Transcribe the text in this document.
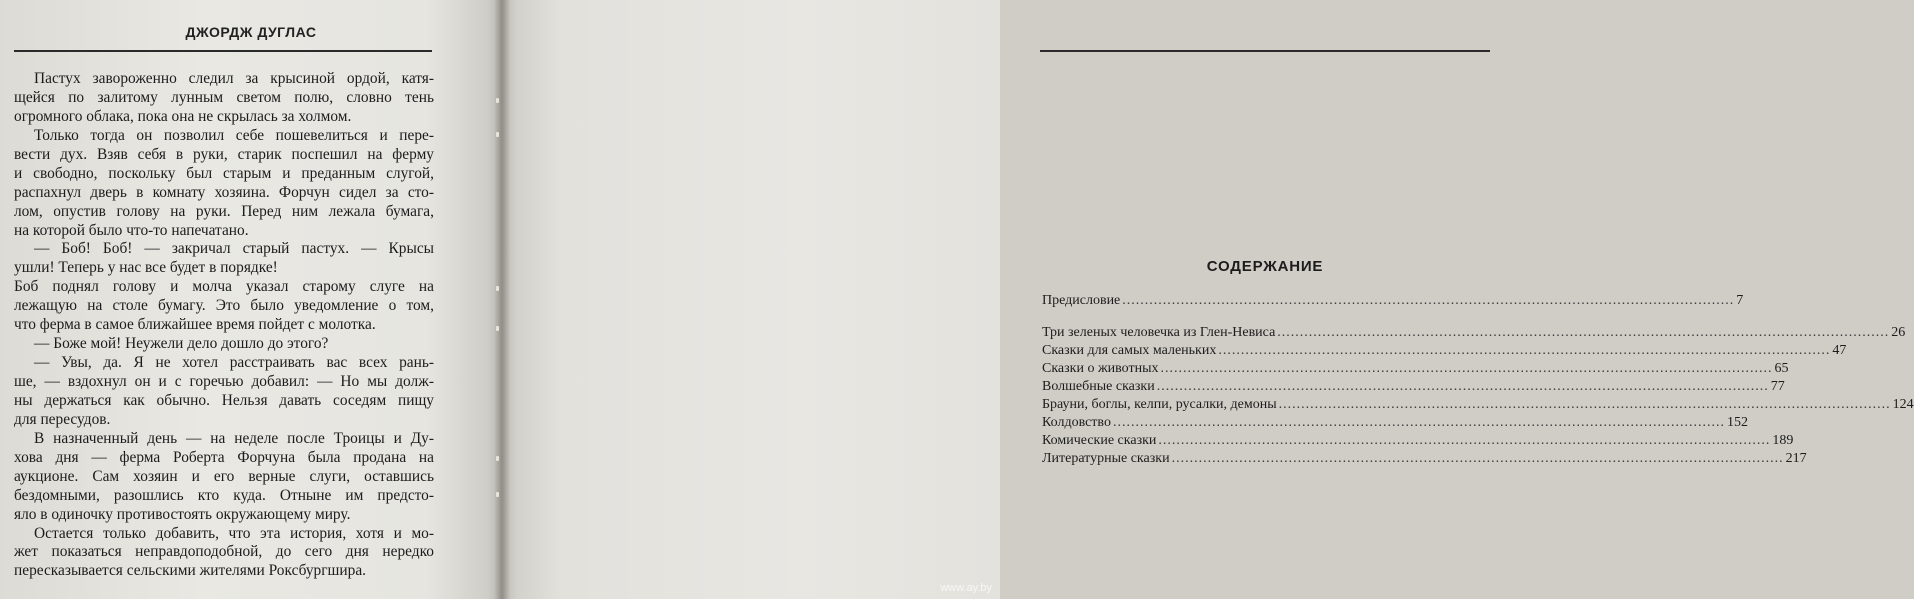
ДЖОРДЖ ДУГЛАС
Пастух завороженно следил за крысиной ордой, катя-
щейся по залитому лунным светом полю, словно тень
огромного облака, пока она не скрылась за холмом.
Только тогда он позволил себе пошевелиться и пере-
вести дух. Взяв себя в руки, старик поспешил на ферму
и свободно, поскольку был старым и преданным слугой,
распахнул дверь в комнату хозяина. Форчун сидел за сто-
лом, опустив голову на руки. Перед ним лежала бумага,
на которой было что-то напечатано.
— Боб! Боб! — закричал старый пастух. — Крысы
ушли! Теперь у нас все будет в порядке!
Боб поднял голову и молча указал старому слуге на
лежащую на столе бумагу. Это было уведомление о том,
что ферма в самое ближайшее время пойдет с молотка.
— Боже мой! Неужели дело дошло до этого?
— Увы, да. Я не хотел расстраивать вас всех рань-
ше, — вздохнул он и с горечью добавил: — Но мы долж-
ны держаться как обычно. Нельзя давать соседям пищу
для пересудов.
В назначенный день — на неделе после Троицы и Ду-
хова дня — ферма Роберта Форчуна была продана на
аукционе. Сам хозяин и его верные слуги, оставшись
бездомными, разошлись кто куда. Отныне им предсто-
яло в одиночку противостоять окружающему миру.
Остается только добавить, что эта история, хотя и мо-
жет показаться неправдоподобной, до сего дня нередко
пересказывается сельскими жителями Роксбургшира.
СОДЕРЖАНИЕ
Предисловие .....	7
Три зеленых человечка из Глен-Невиса .....	26
Сказки для самых маленьких .....	47
Сказки о животных .....	65
Волшебные сказки .....	77
Брауни, боглы, келпи, русалки, демоны .....	124
Колдовство .....	152
Комические сказки .....	189
Литературные сказки .....	217
www.ay.by
